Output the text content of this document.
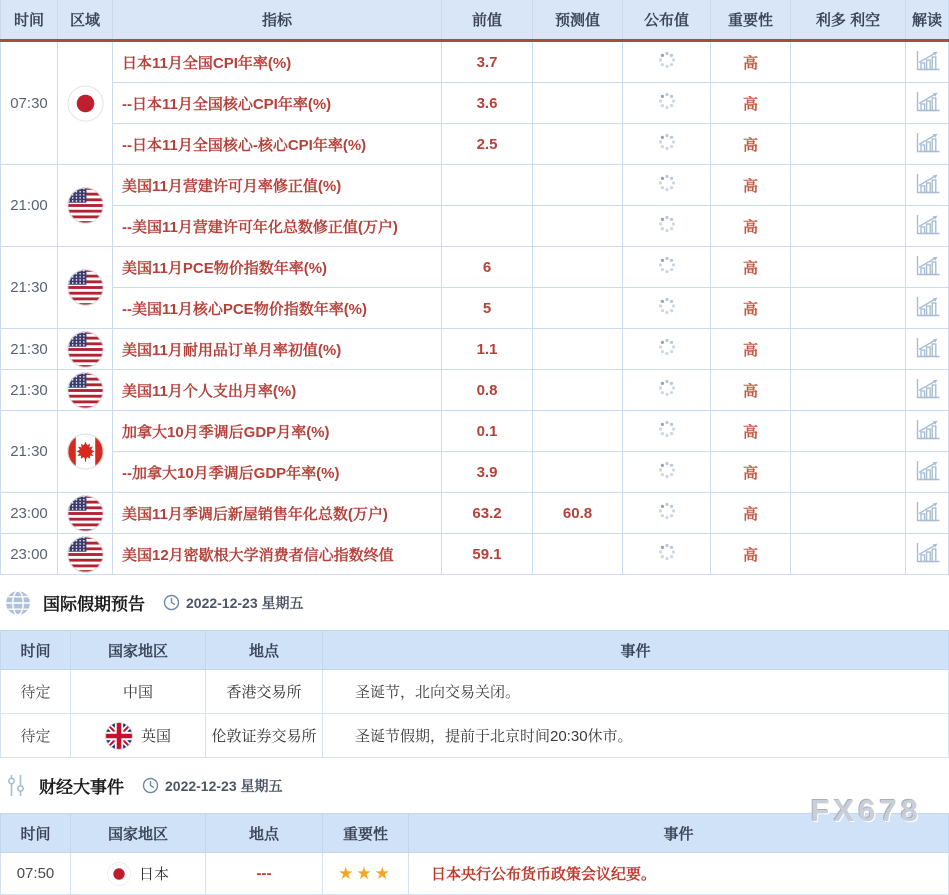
时间	区域	指标	前值	预测值	公布值	重要性	利多 利空	解读
07:30		日本11月全国CPI年率(%)	3.7			高		
		--日本11月全国核心CPI年率(%)	3.6			高		
		--日本11月全国核心-核心CPI年率(%)	2.5			高		
21:00		美国11月营建许可月率修正值(%)				高		
		--美国11月营建许可年化总数修正值(万户)				高		
21:30		美国11月PCE物价指数年率(%)	6			高		
		--美国11月核心PCE物价指数年率(%)	5			高		
21:30		美国11月耐用品订单月率初值(%)	1.1			高		
21:30		美国11月个人支出月率(%)	0.8			高		
21:30		加拿大10月季调后GDP月率(%)	0.1			高		
		--加拿大10月季调后GDP年率(%)	3.9			高		
23:00		美国11月季调后新屋销售年化总数(万户)	63.2	60.8		高		
23:00		美国12月密歇根大学消费者信心指数终值	59.1			高		
国际假期预告	2022-12-23 星期五
时间	国家地区	地点	事件
待定	中国	香港交易所	圣诞节，北向交易关闭。
待定	英国	伦敦证券交易所	圣诞节假期，提前于北京时间20:30休市。
财经大事件	2022-12-23 星期五
时间	国家地区	地点	重要性	事件
07:50	日本	---	★★★	日本央行公布货币政策会议纪要。
FX678
